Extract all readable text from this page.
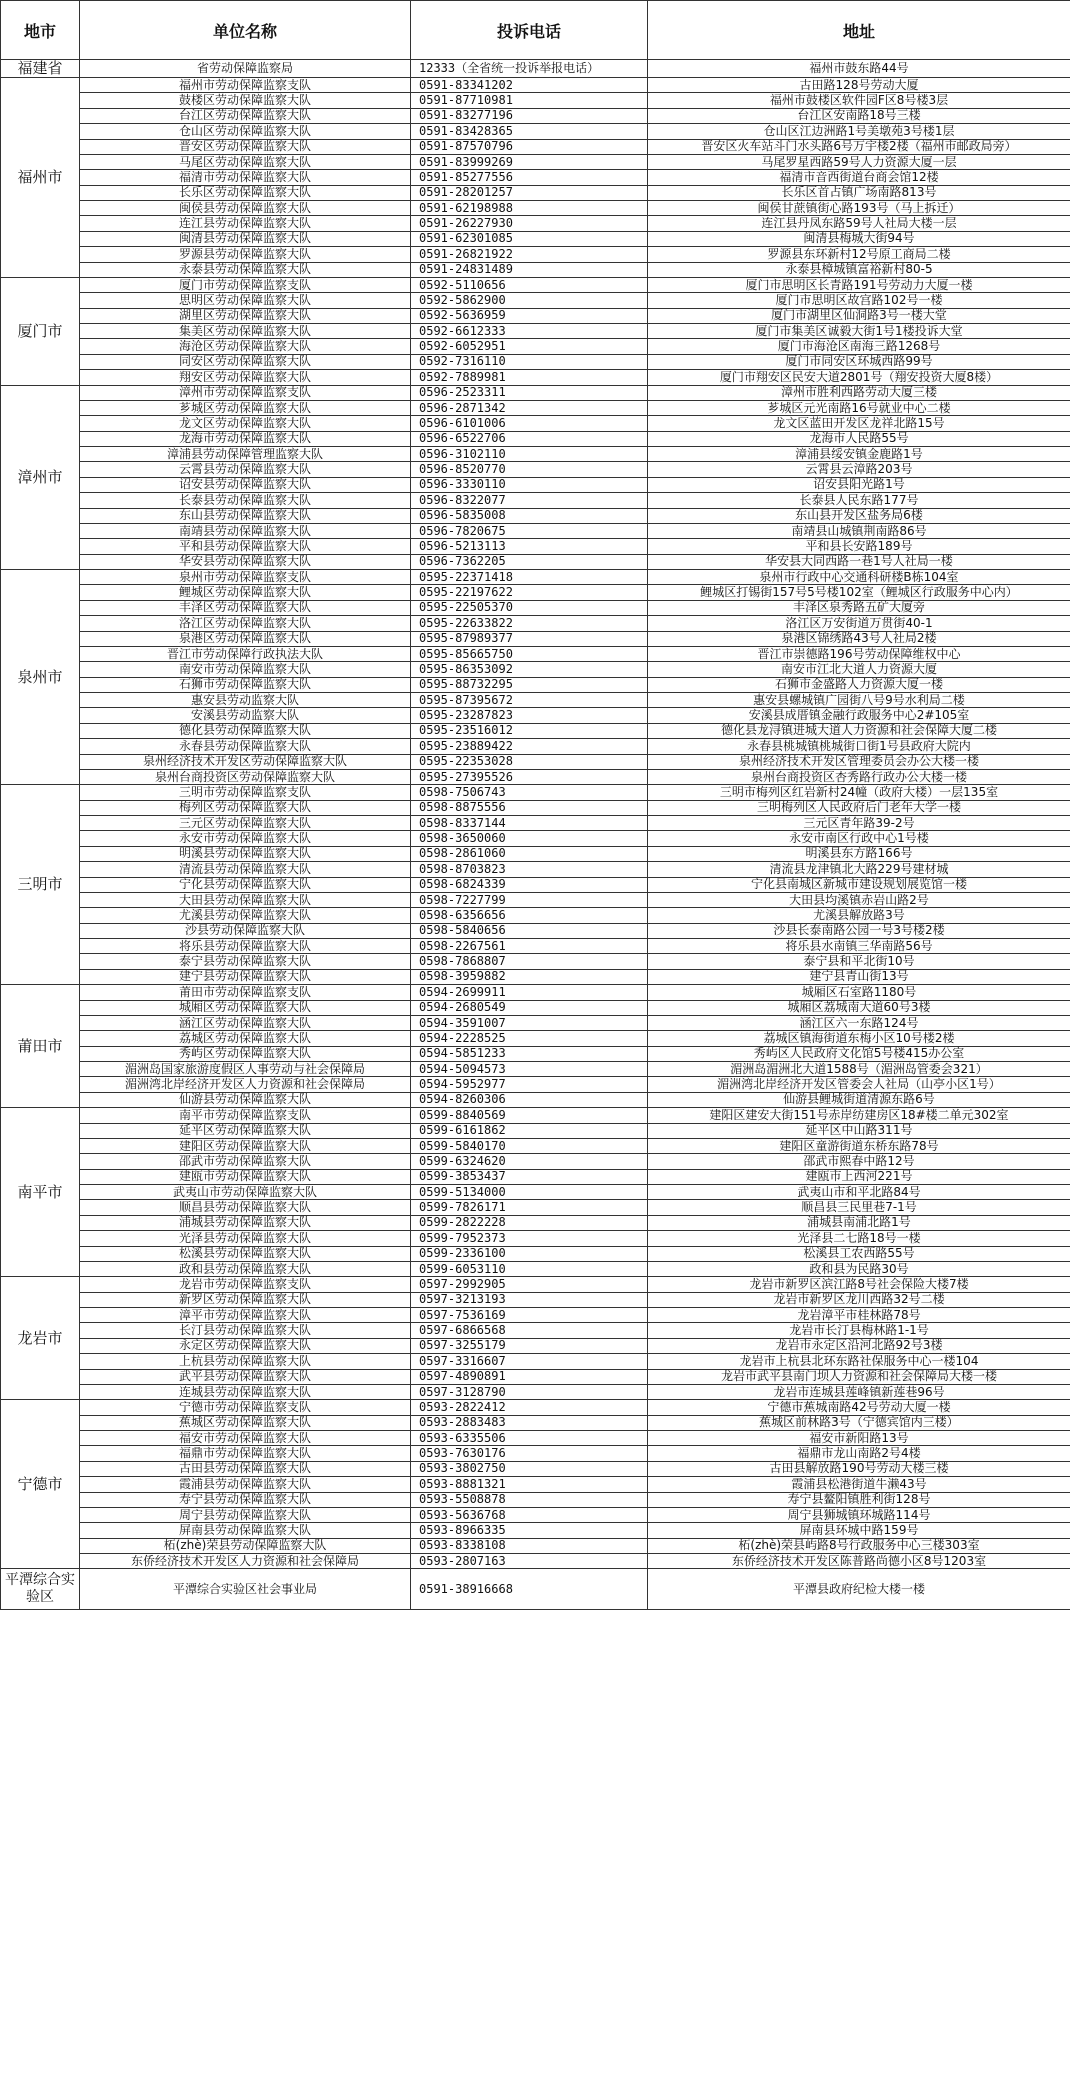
地市	单位名称	投诉电话	地址
福建省	省劳动保障监察局	12333（全省统一投诉举报电话）	福州市鼓东路44号
福州市	福州市劳动保障监察支队	0591-83341202	古田路128号劳动大厦
	鼓楼区劳动保障监察大队	0591-87710981	福州市鼓楼区软件园F区8号楼3层
	台江区劳动保障监察大队	0591-83277196	台江区安南路18号三楼
	仓山区劳动保障监察大队	0591-83428365	仓山区江边洲路1号美墩苑3号楼1层
	晋安区劳动保障监察大队	0591-87570796	晋安区火车站斗门水头路6号万宇楼2楼（福州市邮政局旁）
	马尾区劳动保障监察大队	0591-83999269	马尾罗星西路59号人力资源大厦一层
	福清市劳动保障监察大队	0591-85277556	福清市音西街道台商会馆12楼
	长乐区劳动保障监察大队	0591-28201257	长乐区首占镇广场南路813号
	闽侯县劳动保障监察大队	0591-62198988	闽侯甘蔗镇街心路193号（马上拆迁）
	连江县劳动保障监察大队	0591-26227930	连江县丹凤东路59号人社局大楼一层
	闽清县劳动保障监察大队	0591-62301085	闽清县梅城大街94号
	罗源县劳动保障监察大队	0591-26821922	罗源县东环新村12号原工商局二楼
	永泰县劳动保障监察大队	0591-24831489	永泰县樟城镇富裕新村80-5
厦门市	厦门市劳动保障监察支队	0592-5110656	厦门市思明区长青路191号劳动力大厦一楼
	思明区劳动保障监察大队	0592-5862900	厦门市思明区故宫路102号一楼
	湖里区劳动保障监察大队	0592-5636959	厦门市湖里区仙洞路3号一楼大堂
	集美区劳动保障监察大队	0592-6612333	厦门市集美区诚毅大街1号1楼投诉大堂
	海沧区劳动保障监察大队	0592-6052951	厦门市海沧区南海三路1268号
	同安区劳动保障监察大队	0592-7316110	厦门市同安区环城西路99号
	翔安区劳动保障监察大队	0592-7889981	厦门市翔安区民安大道2801号（翔安投资大厦8楼）
漳州市	漳州市劳动保障监察支队	0596-2523311	漳州市胜利西路劳动大厦三楼
	芗城区劳动保障监察大队	0596-2871342	芗城区元光南路16号就业中心二楼
	龙文区劳动保障监察大队	0596-6101006	龙文区蓝田开发区龙祥北路15号
	龙海市劳动保障监察大队	0596-6522706	龙海市人民路55号
	漳浦县劳动保障管理监察大队	0596-3102110	漳浦县绥安镇金鹿路1号
	云霄县劳动保障监察大队	0596-8520770	云霄县云漳路203号
	诏安县劳动保障监察大队	0596-3330110	诏安县阳光路1号
	长泰县劳动保障监察大队	0596-8322077	长泰县人民东路177号
	东山县劳动保障监察大队	0596-5835008	东山县开发区盐务局6楼
	南靖县劳动保障监察大队	0596-7820675	南靖县山城镇荆南路86号
	平和县劳动保障监察大队	0596-5213113	平和县长安路189号
	华安县劳动保障监察大队	0596-7362205	华安县大同西路一巷1号人社局一楼
泉州市	泉州市劳动保障监察支队	0595-22371418	泉州市行政中心交通科研楼B栋104室
	鲤城区劳动保障监察大队	0595-22197622	鲤城区打锡街157号5号楼102室（鲤城区行政服务中心内）
	丰泽区劳动保障监察大队	0595-22505370	丰泽区泉秀路五矿大厦旁
	洛江区劳动保障监察大队	0595-22633822	洛江区万安街道万贯街40-1
	泉港区劳动保障监察大队	0595-87989377	泉港区锦绣路43号人社局2楼
	晋江市劳动保障行政执法大队	0595-85665750	晋江市崇德路196号劳动保障维权中心
	南安市劳动保障监察大队	0595-86353092	南安市江北大道人力资源大厦
	石狮市劳动保障监察大队	0595-88732295	石狮市金盛路人力资源大厦一楼
	惠安县劳动监察大队	0595-87395672	惠安县螺城镇广园街八号9号水利局二楼
	安溪县劳动监察大队	0595-23287823	安溪县成厝镇金融行政服务中心2#105室
	德化县劳动保障监察大队	0595-23516012	德化县龙浔镇进城大道人力资源和社会保障大厦二楼
	永春县劳动保障监察大队	0595-23889422	永春县桃城镇桃城街口街1号县政府大院内
	泉州经济技术开发区劳动保障监察大队	0595-22353028	泉州经济技术开发区管理委员会办公大楼一楼
	泉州台商投资区劳动保障监察大队	0595-27395526	泉州台商投资区杏秀路行政办公大楼一楼
三明市	三明市劳动保障监察支队	0598-7506743	三明市梅列区红岩新村24幢（政府大楼）一层135室
	梅列区劳动保障监察大队	0598-8875556	三明梅列区人民政府后门老年大学一楼
	三元区劳动保障监察大队	0598-8337144	三元区青年路39-2号
	永安市劳动保障监察大队	0598-3650060	永安市南区行政中心1号楼
	明溪县劳动保障监察大队	0598-2861060	明溪县东方路166号
	清流县劳动保障监察大队	0598-8703823	清流县龙津镇北大路229号建材城
	宁化县劳动保障监察大队	0598-6824339	宁化县南城区新城市建设规划展览馆一楼
	大田县劳动保障监察大队	0598-7227799	大田县均溪镇赤岩山路2号
	尤溪县劳动保障监察大队	0598-6356656	尤溪县解放路3号
	沙县劳动保障监察大队	0598-5840656	沙县长泰南路公园一号3号楼2楼
	将乐县劳动保障监察大队	0598-2267561	将乐县水南镇三华南路56号
	泰宁县劳动保障监察大队	0598-7868807	泰宁县和平北街10号
	建宁县劳动保障监察大队	0598-3959882	建宁县青山街13号
莆田市	莆田市劳动保障监察支队	0594-2699911	城厢区石室路1180号
	城厢区劳动保障监察大队	0594-2680549	城厢区荔城南大道60号3楼
	涵江区劳动保障监察大队	0594-3591007	涵江区六一东路124号
	荔城区劳动保障监察大队	0594-2228525	荔城区镇海街道东梅小区10号楼2楼
	秀屿区劳动保障监察大队	0594-5851233	秀屿区人民政府文化馆5号楼415办公室
	湄洲岛国家旅游度假区人事劳动与社会保障局	0594-5094573	湄洲岛湄洲北大道1588号（湄洲岛管委会321）
	湄洲湾北岸经济开发区人力资源和社会保障局	0594-5952977	湄洲湾北岸经济开发区管委会人社局（山亭小区1号）
	仙游县劳动保障监察大队	0594-8260306	仙游县鲤城街道清源东路6号
南平市	南平市劳动保障监察支队	0599-8840569	建阳区建安大街151号赤岸纺建房区18#楼二单元302室
	延平区劳动保障监察大队	0599-6161862	延平区中山路311号
	建阳区劳动保障监察大队	0599-5840170	建阳区童游街道东桥东路78号
	邵武市劳动保障监察大队	0599-6324620	邵武市熙春中路12号
	建瓯市劳动保障监察大队	0599-3853437	建瓯市上西河221号
	武夷山市劳动保障监察大队	0599-5134000	武夷山市和平北路84号
	顺昌县劳动保障监察大队	0599-7826171	顺昌县三民里巷7-1号
	浦城县劳动保障监察大队	0599-2822228	浦城县南浦北路1号
	光泽县劳动保障监察大队	0599-7952373	光泽县二七路18号一楼
	松溪县劳动保障监察大队	0599-2336100	松溪县工农西路55号
	政和县劳动保障监察大队	0599-6053110	政和县为民路30号
龙岩市	龙岩市劳动保障监察支队	0597-2992905	龙岩市新罗区滨江路8号社会保险大楼7楼
	新罗区劳动保障监察大队	0597-3213193	龙岩市新罗区龙川西路32号二楼
	漳平市劳动保障监察大队	0597-7536169	龙岩漳平市桂林路78号
	长汀县劳动保障监察大队	0597-6866568	龙岩市长汀县梅林路1-1号
	永定区劳动保障监察大队	0597-3255179	龙岩市永定区沿河北路92号3楼
	上杭县劳动保障监察大队	0597-3316607	龙岩市上杭县北环东路社保服务中心一楼104
	武平县劳动保障监察大队	0597-4890891	龙岩市武平县南门坝人力资源和社会保障局大楼一楼
	连城县劳动保障监察大队	0597-3128790	龙岩市连城县莲峰镇新莲巷96号
宁德市	宁德市劳动保障监察支队	0593-2822412	宁德市蕉城南路42号劳动大厦一楼
	蕉城区劳动保障监察大队	0593-2883483	蕉城区前林路3号（宁德宾馆内三楼）
	福安市劳动保障监察大队	0593-6335506	福安市新阳路13号
	福鼎市劳动保障监察大队	0593-7630176	福鼎市龙山南路2号4楼
	古田县劳动保障监察大队	0593-3802750	古田县解放路190号劳动大楼三楼
	霞浦县劳动保障监察大队	0593-8881321	霞浦县松港街道牛濑43号
	寿宁县劳动保障监察大队	0593-5508878	寿宁县鳌阳镇胜利街128号
	周宁县劳动保障监察大队	0593-5636768	周宁县狮城镇环城路114号
	屏南县劳动保障监察大队	0593-8966335	屏南县环城中路159号
	柘(zhè)荣县劳动保障监察大队	0593-8338108	柘(zhè)荣县屿路8号行政服务中心三楼303室
	东侨经济技术开发区人力资源和社会保障局	0593-2807163	东侨经济技术开发区陈普路尚德小区8号1203室
平潭综合实验区	平潭综合实验区社会事业局	0591-38916668	平潭县政府纪检大楼一楼
